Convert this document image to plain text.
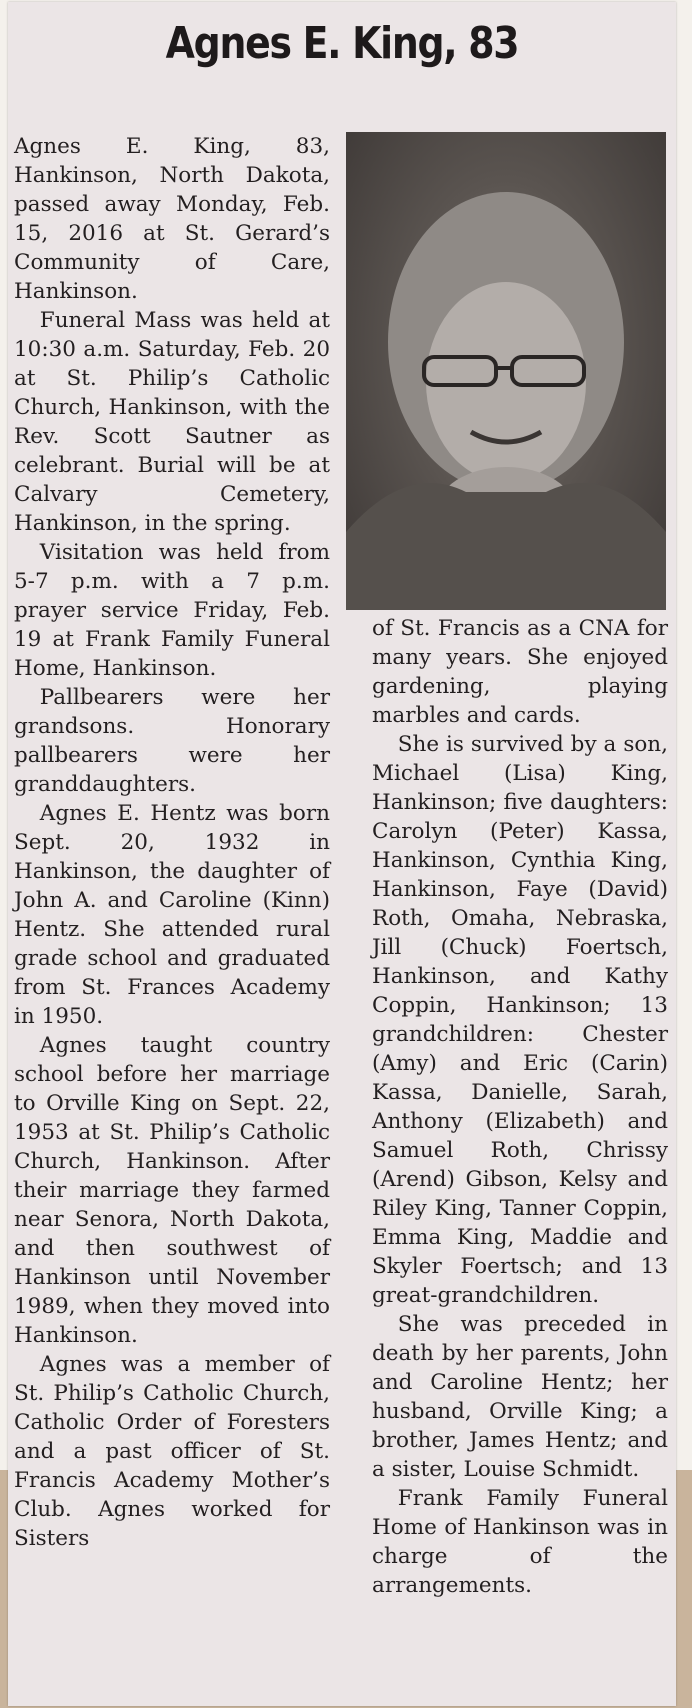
Agnes E. King, 83

Agnes E. King, 83, Hankinson, North Dakota, passed away Monday, Feb. 15, 2016 at St. Gerard’s Community of Care, Hankinson.

Funeral Mass was held at 10:30 a.m. Saturday, Feb. 20 at St. Philip’s Catholic Church, Hankinson, with the Rev. Scott Sautner as celebrant. Burial will be at Calvary Cemetery, Hankinson, in the spring.

Visitation was held from 5-7 p.m. with a 7 p.m. prayer service Friday, Feb. 19 at Frank Family Funeral Home, Hankinson.

Pallbearers were her grandsons. Honorary pallbearers were her granddaughters.

Agnes E. Hentz was born Sept. 20, 1932 in Hankinson, the daughter of John A. and Caroline (Kinn) Hentz. She attended rural grade school and graduated from St. Frances Academy in 1950.

Agnes taught country school before her marriage to Orville King on Sept. 22, 1953 at St. Philip’s Catholic Church, Hankinson. After their marriage they farmed near Senora, North Dakota, and then southwest of Hankinson until November 1989, when they moved into Hankinson.

Agnes was a member of St. Philip’s Catholic Church, Catholic Order of Foresters and a past officer of St. Francis Academy Mother’s Club. Agnes worked for Sisters

of St. Francis as a CNA for many years. She enjoyed gardening, playing marbles and cards.

She is survived by a son, Michael (Lisa) King, Hankinson; five daughters: Carolyn (Peter) Kassa, Hankinson, Cynthia King, Hankinson, Faye (David) Roth, Omaha, Nebraska, Jill (Chuck) Foertsch, Hankinson, and Kathy Coppin, Hankinson; 13 grandchildren: Chester (Amy) and Eric (Carin) Kassa, Danielle, Sarah, Anthony (Elizabeth) and Samuel Roth, Chrissy (Arend) Gibson, Kelsy and Riley King, Tanner Coppin, Emma King, Maddie and Skyler Foertsch; and 13 great-grandchildren.

She was preceded in death by her parents, John and Caroline Hentz; her husband, Orville King; a brother, James Hentz; and a sister, Louise Schmidt.

Frank Family Funeral Home of Hankinson was in charge of the arrangements.
